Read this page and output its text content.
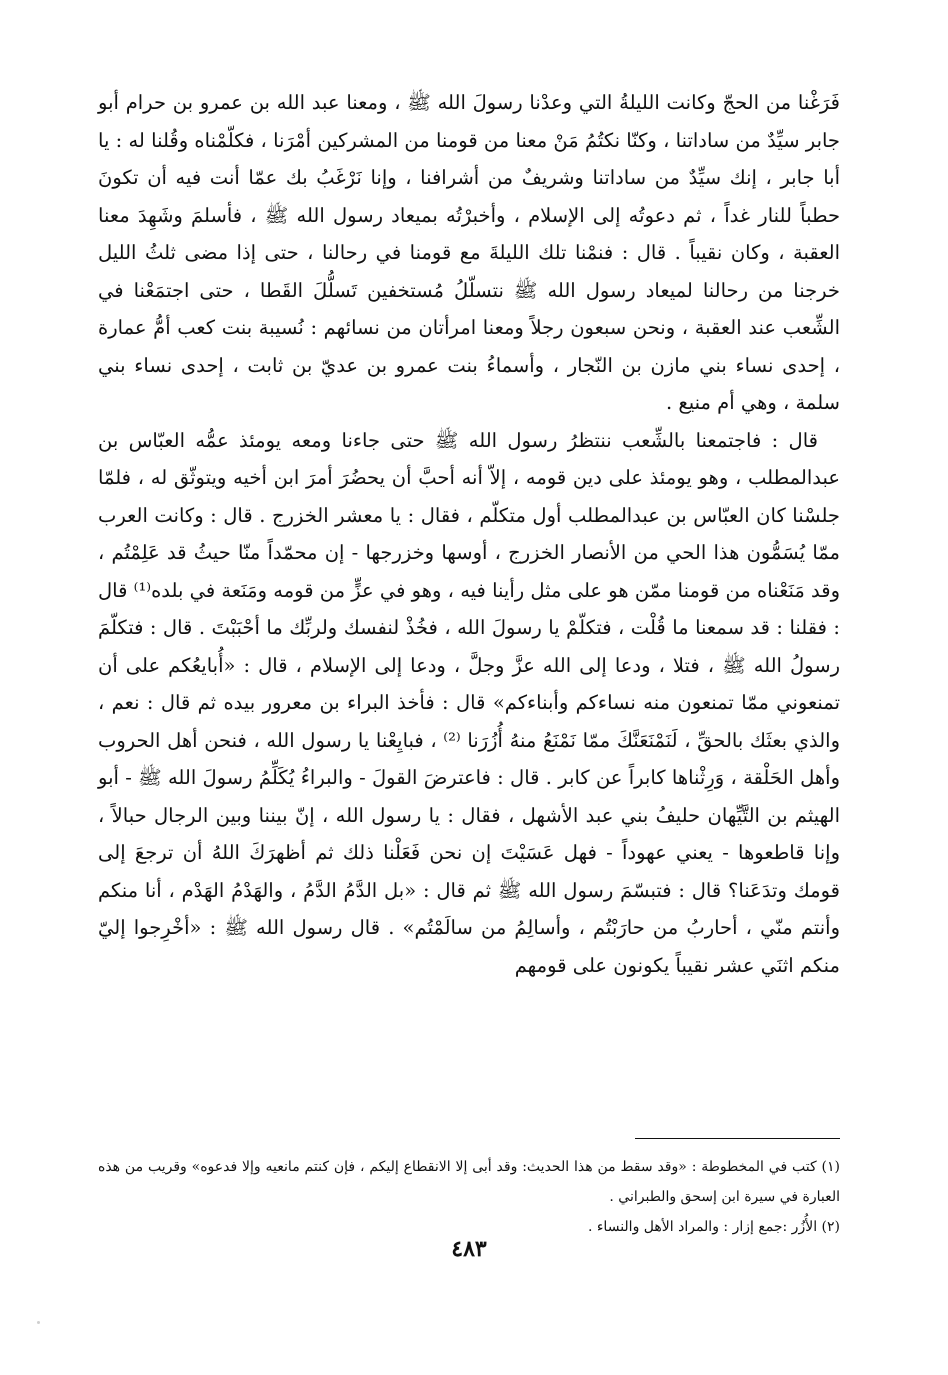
فَرَغْنا من الحجّ وكانت الليلةُ التي وعدْنا رسولَ الله ﷺ ، ومعنا عبد الله بن عمرو بن حرام أبو جابر سيِّدٌ من ساداتنا ، وكنّا نكتُمُ مَنْ معنا من قومنا من المشركين أمْرَنا ، فكلّمْناه وقُلنا له : يا أبا جابر ، إنك سيِّدٌ من ساداتنا وشريفٌ من أشرافنا ، وإنا نَرْغَبُ بك عمّا أنت فيه أن تكونَ حطباً للنار غداً ، ثم دعوتُه إلى الإسلام ، وأخبرْتُه بميعاد رسول الله ﷺ ، فأسلمَ وشَهِدَ معنا العقبة ، وكان نقيباً . قال : فنمْنا تلك الليلةَ مع قومنا في رحالنا ، حتى إذا مضى ثلثُ الليل خرجنا من رحالنا لميعاد رسول الله ﷺ نتسلّلُ مُستخفين تَسلُّلَ القَطا ، حتى اجتمَعْنا في الشِّعب عند العقبة ، ونحن سبعون رجلاً ومعنا امرأتان من نسائهم : نُسيبة بنت كعب أمُّ عمارة ، إحدى نساء بني مازن بن النّجار ، وأسماءُ بنت عمرو بن عديّ بن ثابت ، إحدى نساء بني سلمة ، وهي أم منيع .

قال : فاجتمعنا بالشِّعب ننتظرُ رسول الله ﷺ حتى جاءنا ومعه يومئذ عمُّه العبّاس بن عبدالمطلب ، وهو يومئذ على دين قومه ، إلاّ أنه أحبَّ أن يحضُرَ أمرَ ابن أخيه ويتوثّق له ، فلمّا جلسْنا كان العبّاس بن عبدالمطلب أول متكلّم ، فقال : يا معشر الخزرج . قال : وكانت العرب ممّا يُسَمُّون هذا الحي من الأنصار الخزرج ، أوسها وخزرجها - إن محمّداً منّا حيثُ قد عَلِمْتُم ، وقد مَنَعْناه من قومنا ممّن هو على مثل رأينا فيه ، وهو في عزٍّ من قومه ومَنَعة في بلده⁽¹⁾ قال : فقلنا : قد سمعنا ما قُلْت ، فتكلّمْ يا رسولَ الله ، فخُذْ لنفسك ولربِّك ما أحْبَبْتَ . قال : فتكلّمَ رسولُ الله ﷺ ، فتلا ، ودعا إلى الله عزَّ وجلَّ ، ودعا إلى الإسلام ، قال : «أُبايعُكم على أن تمنعوني ممّا تمنعون منه نساءكم وأبناءكم» قال : فأخذ البراء بن معرور بيده ثم قال : نعم ، والذي بعثَك بالحقِّ ، لَنَمْنَعَنَّكَ ممّا نَمْنَعُ منهُ أُزُرَنا ⁽²⁾ ، فبايِعْنا يا رسول الله ، فنحن أهل الحروب وأهل الحَلْقة ، وَرِثْناها كابراً عن كابر . قال : فاعترضَ القولَ - والبراءُ يُكَلِّمُ رسولَ الله ﷺ - أبو الهيثم بن التَّيِّهان حليفُ بني عبد الأشهل ، فقال : يا رسول الله ، إنّ بيننا وبين الرجال حبالاً ، وإنا قاطعوها - يعني عهوداً - فهل عَسَيْتَ إن نحن فَعَلْنا ذلك ثم أظهرَكَ اللهُ أن ترجعَ إلى قومك وتدَعَنا؟ قال : فتبسّمَ رسول الله ﷺ ثم قال : «بل الدَّمُ الدَّمُ ، والهَدْمُ الهَدْم ، أنا منكم وأنتم منّي ، أحاربُ من حارَبْتُم ، وأسالِمُ من سالَمْتُم» . قال رسول الله ﷺ : «أخْرِجوا إليّ منكم اثنَي عشر نقيباً يكونون على قومهم

(١) كتب في المخطوطة : «وقد سقط من هذا الحديث: وقد أبى إلا الانقطاع إليكم ، فإن كنتم مانعيه وإلا فدعوه» وقريب من هذه العبارة في سيرة ابن إسحق والطبراني .

(٢) الأُزُر :جمع إزار : والمراد الأهل والنساء .

٤٨٣
